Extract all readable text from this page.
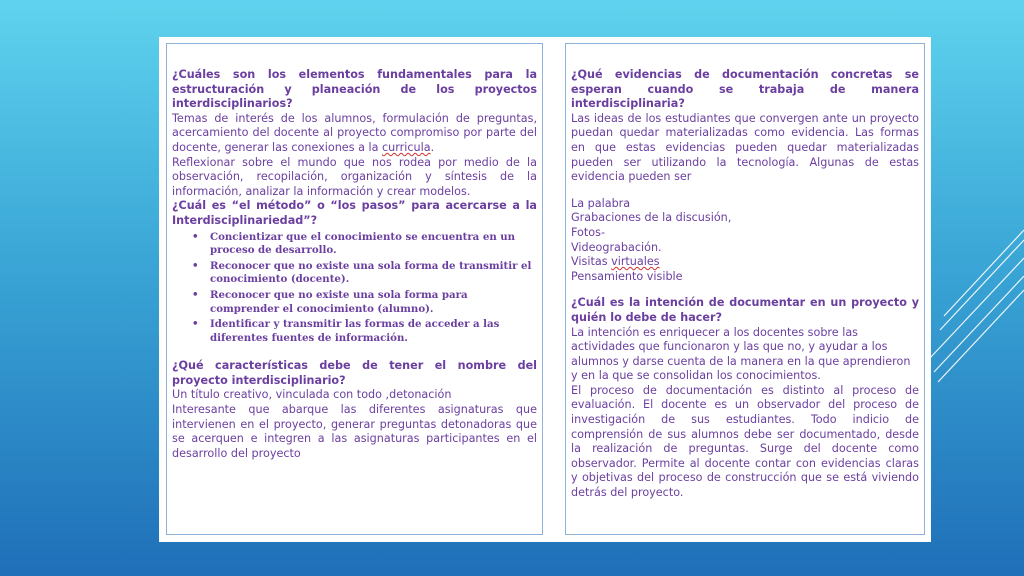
¿Cuáles son los elementos fundamentales para la estructuración y planeación de los proyectos interdisciplinarios?

Temas de interés de los alumnos, formulación de preguntas, acercamiento del docente al proyecto compromiso por parte del docente, generar las conexiones a la curricula.

Reflexionar sobre el mundo que nos rodea por medio de la observación, recopilación, organización y síntesis de la información, analizar la información y crear modelos.

¿Cuál es “el método” o “los pasos” para acercarse a la Interdisciplinariedad”?

• Concientizar que el conocimiento se encuentra en un proceso de desarrollo.
• Reconocer que no existe una sola forma de transmitir el conocimiento (docente).
• Reconocer que no existe una sola forma para comprender el conocimiento (alumno).
• Identificar y transmitir las formas de acceder a las diferentes fuentes de información.

¿Qué características debe de tener el nombre del proyecto interdisciplinario?

Un título creativo, vinculada con todo ,detonación

Interesante que abarque las diferentes asignaturas que intervienen en el proyecto, generar preguntas detonadoras que se acerquen e integren a las asignaturas participantes en el desarrollo del proyecto

¿Qué evidencias de documentación concretas se esperan cuando se trabaja de manera interdisciplinaria?

Las ideas de los estudiantes que convergen ante un proyecto puedan quedar materializadas como evidencia. Las formas en que estas evidencias pueden quedar materializadas pueden ser utilizando la tecnología. Algunas de estas evidencia pueden ser

La palabra
Grabaciones de la discusión,
Fotos-
Videograbación.
Visitas virtuales
Pensamiento visible

¿Cuál es la intención de documentar en un proyecto y quién lo debe de hacer?

La intención es enriquecer a los docentes sobre las actividades que funcionaron y las que no, y ayudar a los alumnos y darse cuenta de la manera en la que aprendieron y en la que se consolidan los conocimientos.

El proceso de documentación es distinto al proceso de evaluación. El docente es un observador del proceso de investigación de sus estudiantes. Todo indicio de comprensión de sus alumnos debe ser documentado, desde la realización de preguntas. Surge del docente como observador. Permite al docente contar con evidencias claras y objetivas del proceso de construcción que se está viviendo detrás del proyecto.
